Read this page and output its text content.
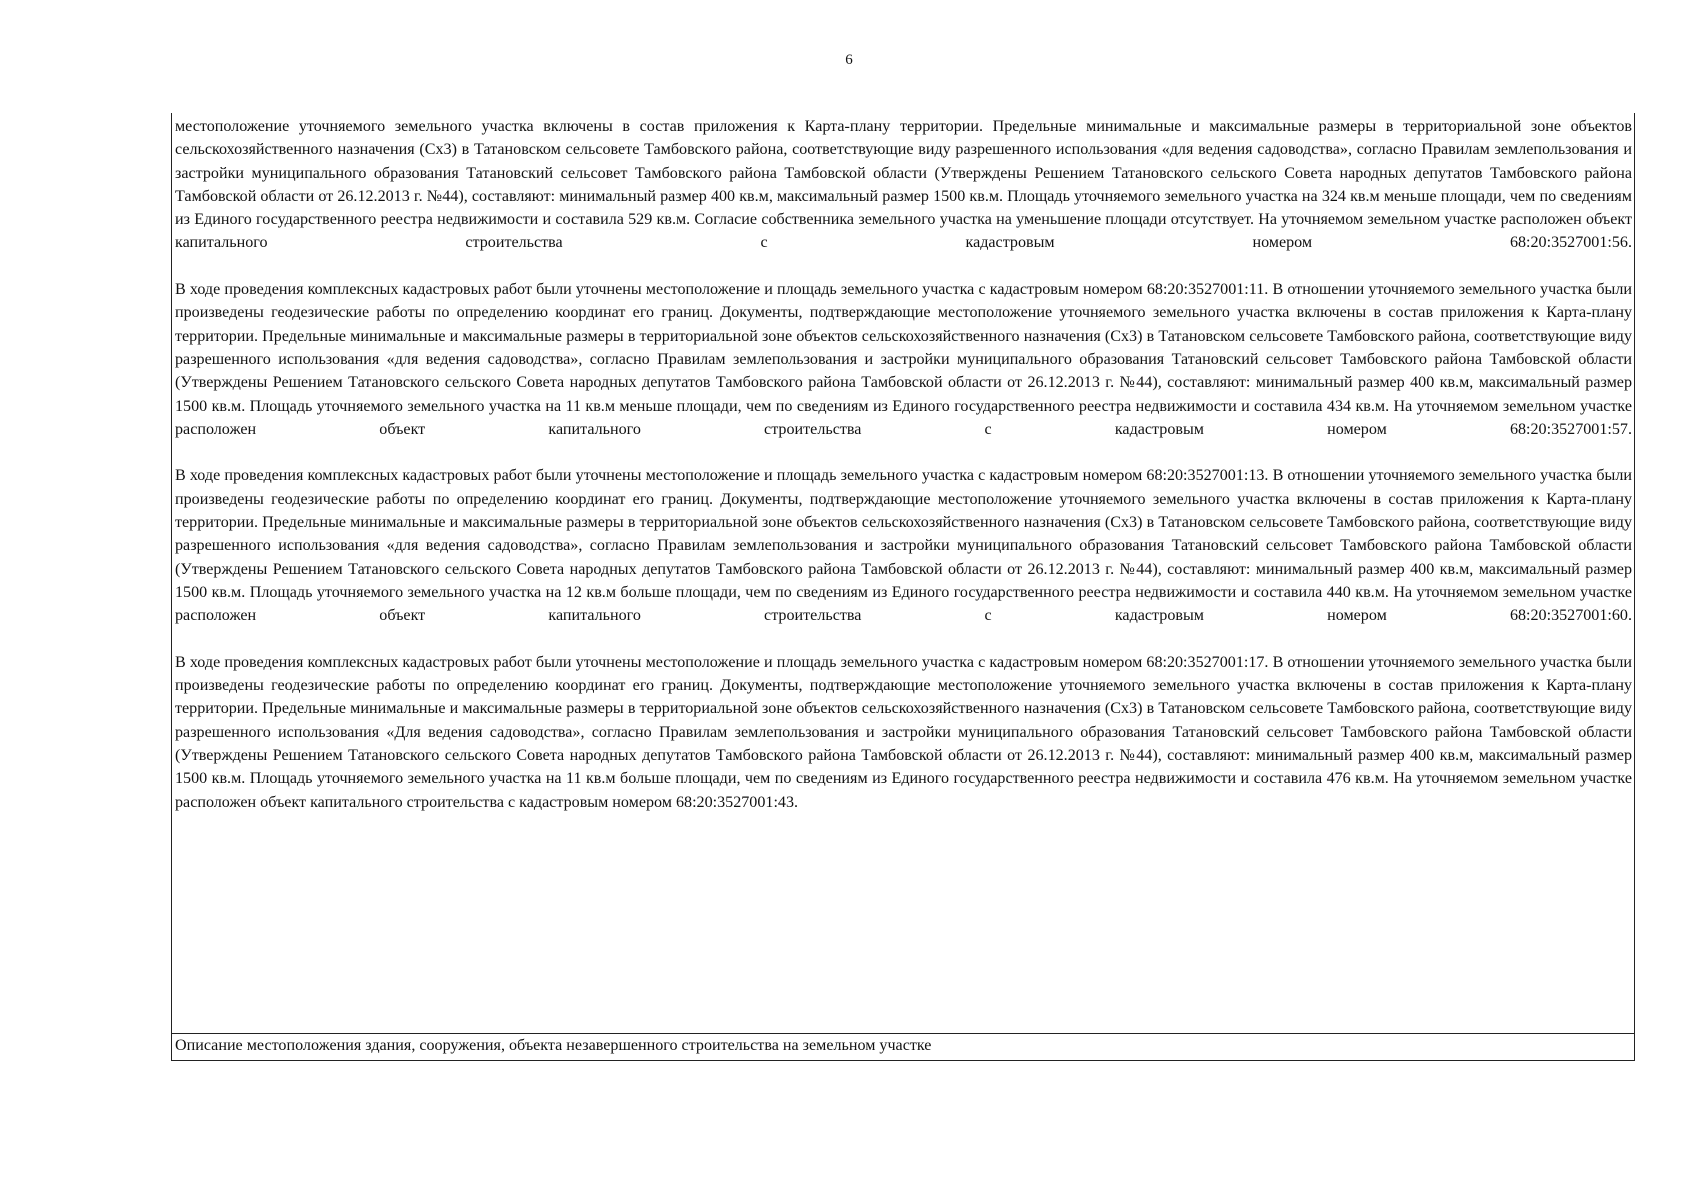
6

местоположение уточняемого земельного участка включены в состав приложения к Карта-плану территории. Предельные минимальные и максимальные размеры в территориальной зоне объектов сельскохозяйственного назначения (Сх3) в Татановском сельсовете Тамбовского района, соответствующие виду разрешенного использования «для ведения садоводства», согласно Правилам землепользования и застройки муниципального образования Татановский сельсовет Тамбовского района Тамбовской области (Утверждены Решением Татановского сельского Совета народных депутатов Тамбовского района Тамбовской области от 26.12.2013 г. №44), составляют: минимальный размер 400 кв.м, максимальный размер 1500 кв.м. Площадь уточняемого земельного участка на 324 кв.м меньше площади, чем по сведениям из Единого государственного реестра недвижимости и составила 529 кв.м. Согласие собственника земельного участка на уменьшение площади отсутствует. На уточняемом земельном участке расположен объект капитального строительства с кадастровым номером 68:20:3527001:56.

В ходе проведения комплексных кадастровых работ были уточнены местоположение и площадь земельного участка с кадастровым номером 68:20:3527001:11. В отношении уточняемого земельного участка были произведены геодезические работы по определению координат его границ. Документы, подтверждающие местоположение уточняемого земельного участка включены в состав приложения к Карта-плану территории. Предельные минимальные и максимальные размеры в территориальной зоне объектов сельскохозяйственного назначения (Сх3) в Татановском сельсовете Тамбовского района, соответствующие виду разрешенного использования «для ведения садоводства», согласно Правилам землепользования и застройки муниципального образования Татановский сельсовет Тамбовского района Тамбовской области (Утверждены Решением Татановского сельского Совета народных депутатов Тамбовского района Тамбовской области от 26.12.2013 г. №44), составляют: минимальный размер 400 кв.м, максимальный размер 1500 кв.м. Площадь уточняемого земельного участка на 11 кв.м меньше площади, чем по сведениям из Единого государственного реестра недвижимости и составила 434 кв.м. На уточняемом земельном участке расположен объект капитального строительства с кадастровым номером 68:20:3527001:57.

В ходе проведения комплексных кадастровых работ были уточнены местоположение и площадь земельного участка с кадастровым номером 68:20:3527001:13. В отношении уточняемого земельного участка были произведены геодезические работы по определению координат его границ. Документы, подтверждающие местоположение уточняемого земельного участка включены в состав приложения к Карта-плану территории. Предельные минимальные и максимальные размеры в территориальной зоне объектов сельскохозяйственного назначения (Сх3) в Татановском сельсовете Тамбовского района, соответствующие виду разрешенного использования «для ведения садоводства», согласно Правилам землепользования и застройки муниципального образования Татановский сельсовет Тамбовского района Тамбовской области (Утверждены Решением Татановского сельского Совета народных депутатов Тамбовского района Тамбовской области от 26.12.2013 г. №44), составляют: минимальный размер 400 кв.м, максимальный размер 1500 кв.м. Площадь уточняемого земельного участка на 12 кв.м больше площади, чем по сведениям из Единого государственного реестра недвижимости и составила 440 кв.м. На уточняемом земельном участке расположен объект капитального строительства с кадастровым номером 68:20:3527001:60.

В ходе проведения комплексных кадастровых работ были уточнены местоположение и площадь земельного участка с кадастровым номером 68:20:3527001:17. В отношении уточняемого земельного участка были произведены геодезические работы по определению координат его границ. Документы, подтверждающие местоположение уточняемого земельного участка включены в состав приложения к Карта-плану территории. Предельные минимальные и максимальные размеры в территориальной зоне объектов сельскохозяйственного назначения (Сх3) в Татановском сельсовете Тамбовского района, соответствующие виду разрешенного использования «Для ведения садоводства», согласно Правилам землепользования и застройки муниципального образования Татановский сельсовет Тамбовского района Тамбовской области (Утверждены Решением Татановского сельского Совета народных депутатов Тамбовского района Тамбовской области от 26.12.2013 г. №44), составляют: минимальный размер 400 кв.м, максимальный размер 1500 кв.м. Площадь уточняемого земельного участка на 11 кв.м больше площади, чем по сведениям из Единого государственного реестра недвижимости и составила 476 кв.м. На уточняемом земельном участке расположен объект капитального строительства с кадастровым номером 68:20:3527001:43.

Описание местоположения здания, сооружения, объекта незавершенного строительства на земельном участке
